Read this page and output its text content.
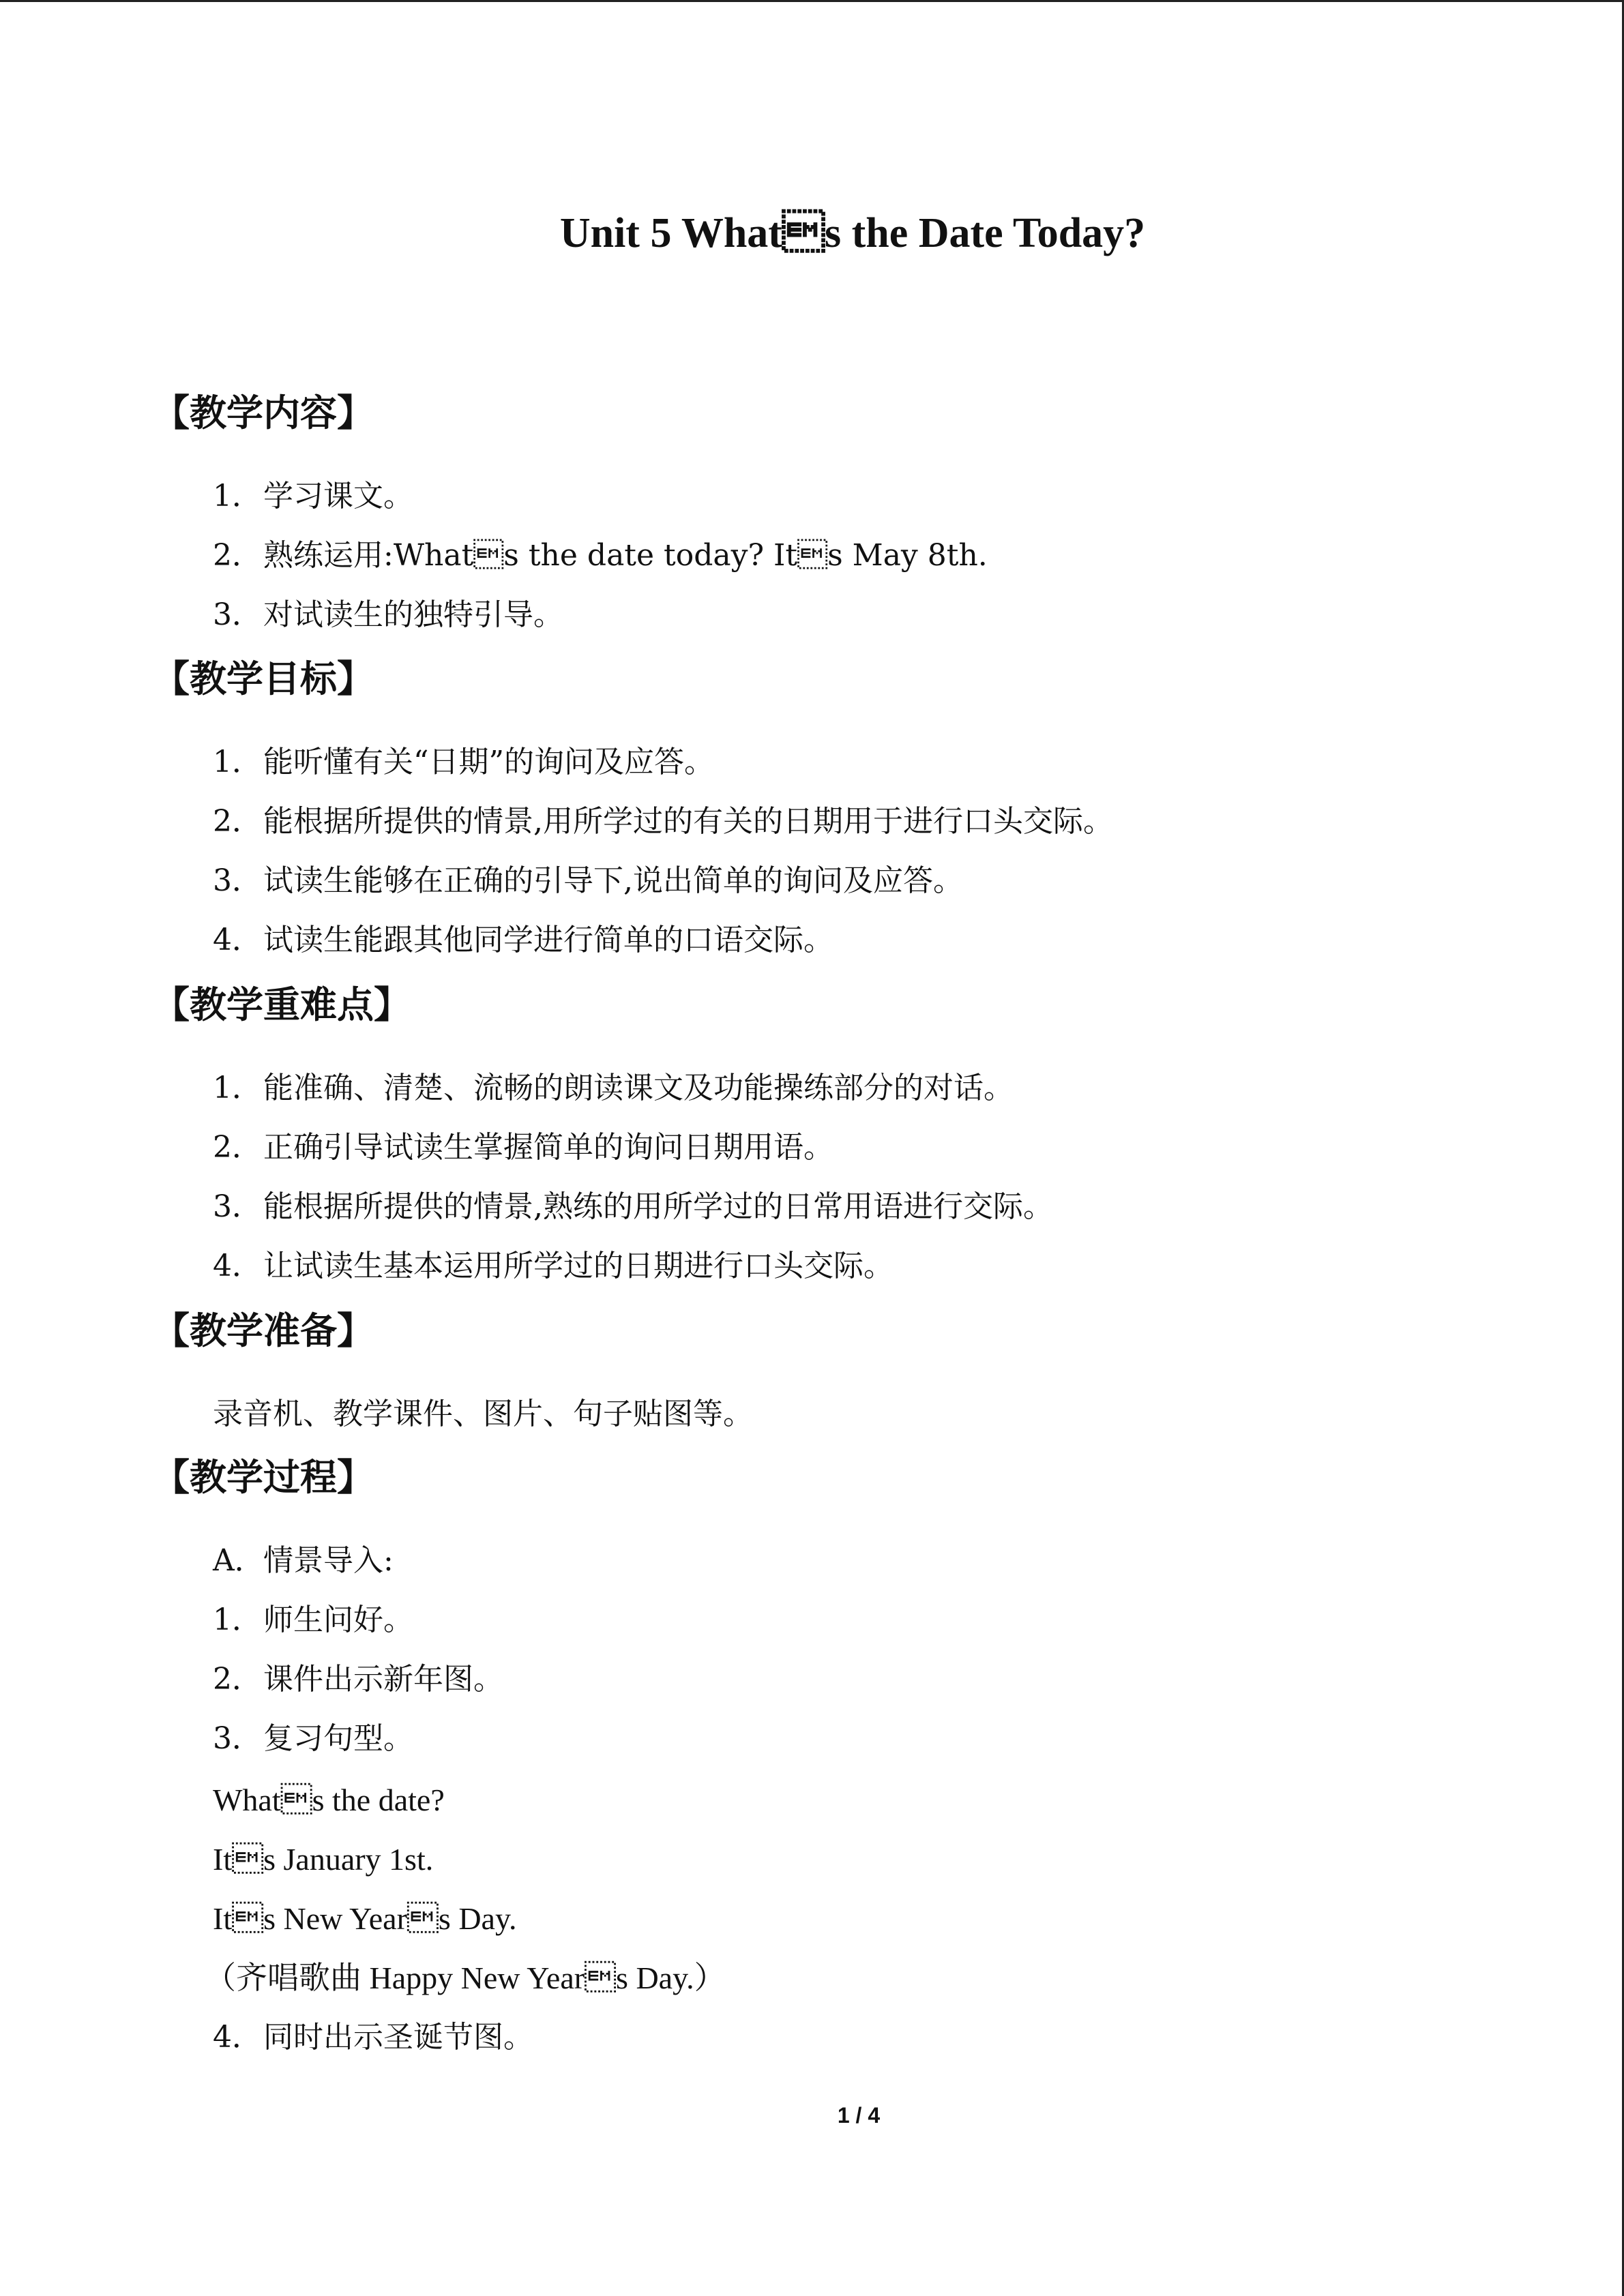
Unit 5 Whats the Date Today?
【教学内容】
1．学习课文。
2．熟练运用:Whats the date today? Its May 8th.
3．对试读生的独特引导。
【教学目标】
1．能听懂有关“日期”的询问及应答。
2．能根据所提供的情景,用所学过的有关的日期用于进行口头交际。
3．试读生能够在正确的引导下,说出简单的询问及应答。
4．试读生能跟其他同学进行简单的口语交际。
【教学重难点】
1．能准确、清楚、流畅的朗读课文及功能操练部分的对话。
2．正确引导试读生掌握简单的询问日期用语。
3．能根据所提供的情景,熟练的用所学过的日常用语进行交际。
4．让试读生基本运用所学过的日期进行口头交际。
【教学准备】
录音机、教学课件、图片、句子贴图等。
【教学过程】
A．情景导入:
1．师生问好。
2．课件出示新年图。
3．复习句型。
Whats the date?
Its January 1st.
Its New Years Day.
（齐唱歌曲 Happy New Years Day.）
4．同时出示圣诞节图。
1 / 4
